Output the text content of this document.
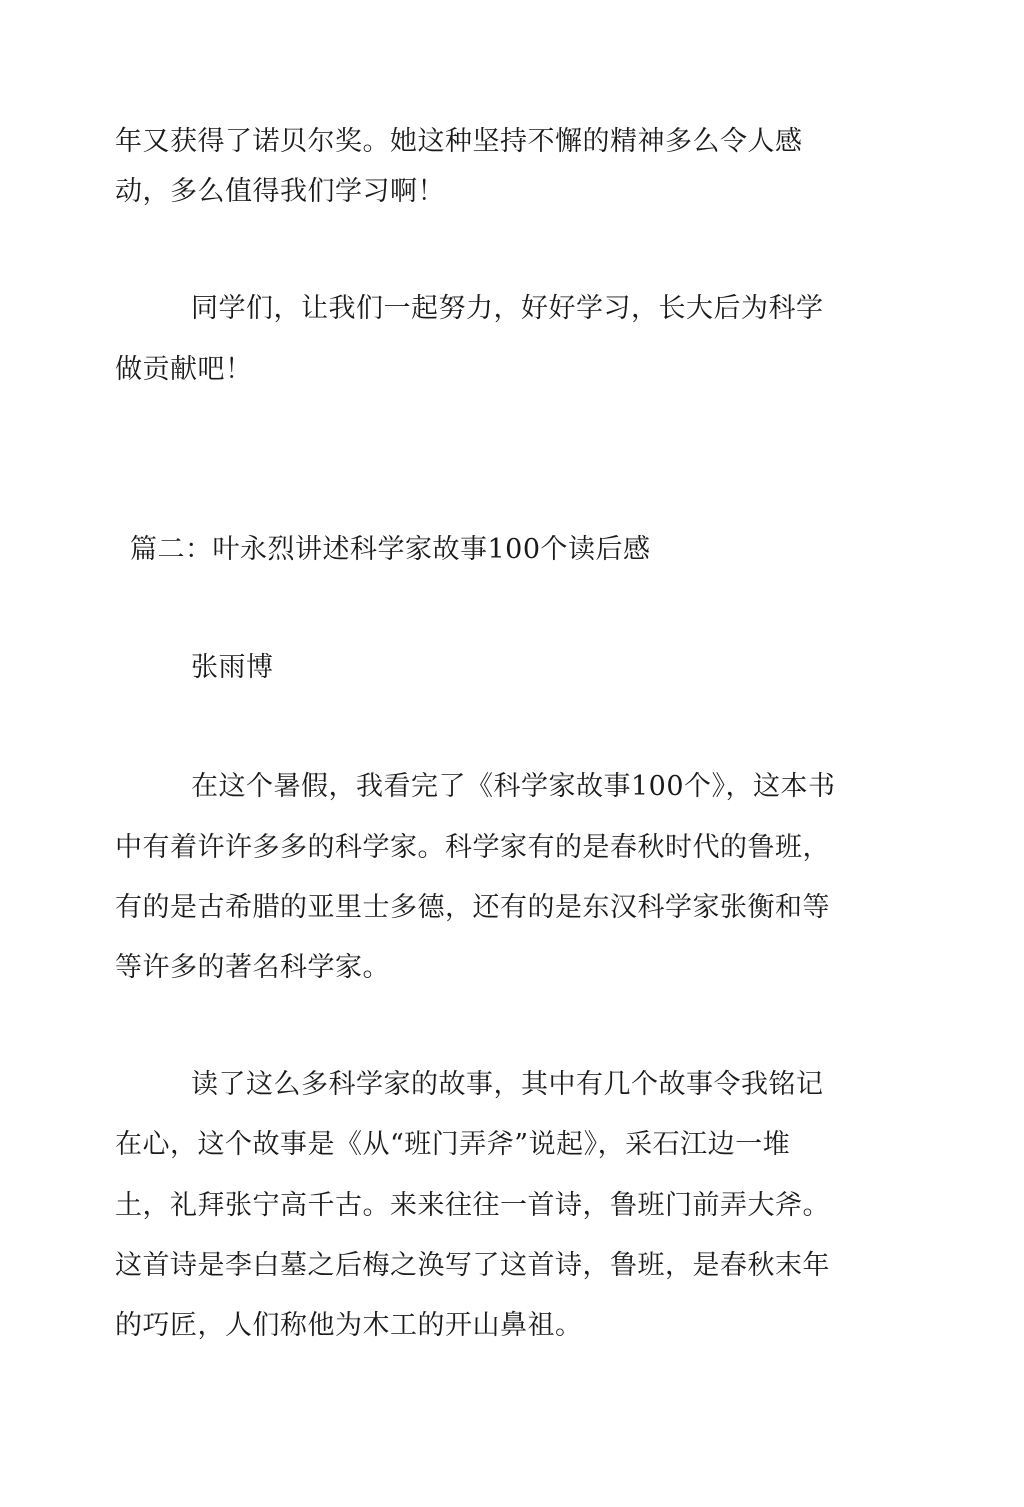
年又获得了诺贝尔奖。她这种坚持不懈的精神多么令人感
动，多么值得我们学习啊！
同学们，让我们一起努力，好好学习，长大后为科学
做贡献吧！
篇二：叶永烈讲述科学家故事100个读后感
张雨博
在这个暑假，我看完了《科学家故事100个》，这本书
中有着许许多多的科学家。科学家有的是春秋时代的鲁班，
有的是古希腊的亚里士多德，还有的是东汉科学家张衡和等
等许多的著名科学家。
读了这么多科学家的故事，其中有几个故事令我铭记
在心，这个故事是《从“班门弄斧”说起》，采石江边一堆
土，礼拜张宁高千古。来来往往一首诗，鲁班门前弄大斧。
这首诗是李白墓之后梅之涣写了这首诗，鲁班，是春秋末年
的巧匠，人们称他为木工的开山鼻祖。
